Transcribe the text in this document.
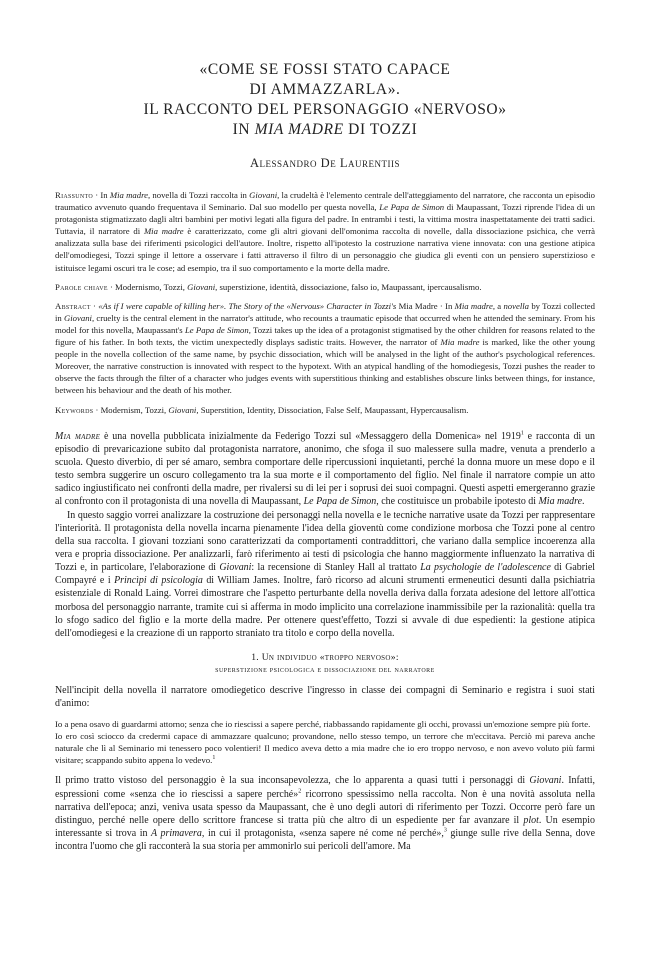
«COME SE FOSSI STATO CAPACE
DI AMMAZZARLA».
IL RACCONTO DEL PERSONAGGIO «NERVOSO»
IN MIA MADRE DI TOZZI
Alessandro De Laurentiis

Riassunto · In Mia madre, novella di Tozzi raccolta in Giovani, la crudeltà è l'elemento centrale dell'atteggiamento del narratore, che racconta un episodio traumatico avvenuto quando frequentava il Seminario. Dal suo modello per questa novella, Le Papa de Simon di Maupassant, Tozzi riprende l'idea di un protagonista stigmatizzato dagli altri bambini per motivi legati alla figura del padre. In entrambi i testi, la vittima mostra inaspettatamente dei tratti sadici. Tuttavia, il narratore di Mia madre è caratterizzato, come gli altri giovani dell'omonima raccolta di novelle, dalla dissociazione psichica, che verrà analizzata sulla base dei riferimenti psicologici dell'autore. Inoltre, rispetto all'ipotesto la costruzione narrativa viene innovata: con una gestione atipica dell'omodiegesi, Tozzi spinge il lettore a osservare i fatti attraverso il filtro di un personaggio che giudica gli eventi con un pensiero superstizioso e istituisce legami oscuri tra le cose; ad esempio, tra il suo comportamento e la morte della madre.

Parole chiave · Modernismo, Tozzi, Giovani, superstizione, identità, dissociazione, falso io, Maupassant, ipercausalismo.

Abstract · «As if I were capable of killing her». The Story of the «Nervous» Character in Tozzi's Mia Madre · In Mia madre, a novella by Tozzi collected in Giovani, cruelty is the central element in the narrator's attitude, who recounts a traumatic episode that occurred when he attended the seminary. From his model for this novella, Maupassant's Le Papa de Simon, Tozzi takes up the idea of a protagonist stigmatised by the other children for reasons related to the figure of his father. In both texts, the victim unexpectedly displays sadistic traits. However, the narrator of Mia madre is marked, like the other young people in the novella collection of the same name, by psychic dissociation, which will be analysed in the light of the author's psychological references. Moreover, the narrative construction is innovated with respect to the hypotext. With an atypical handling of the homodiegesis, Tozzi pushes the reader to observe the facts through the filter of a character who judges events with superstitious thinking and establishes obscure links between things, for instance, between his behaviour and the death of his mother.

Keywords · Modernism, Tozzi, Giovani, Superstition, Identity, Dissociation, False Self, Maupassant, Hypercausalism.

Mia madre è una novella pubblicata inizialmente da Federigo Tozzi sul «Messaggero della Domenica» nel 1919$^1$ e racconta di un episodio di prevaricazione subito dal protagonista narratore, anonimo, che sfoga il suo malessere sulla madre, venuta a prenderlo a scuola. Questo diverbio, di per sé amaro, sembra comportare delle ripercussioni inquietanti, perché la donna muore un mese dopo e il testo sembra suggerire un oscuro collegamento tra la sua morte e il comportamento del figlio. Nel finale il narratore compie un atto sadico ingiustificato nei confronti della madre, per rivalersi su di lei per i soprusi dei suoi compagni. Questi aspetti emergeranno grazie al confronto con il protagonista di una novella di Maupassant, Le Papa de Simon, che costituisce un probabile ipotesto di Mia madre.

In questo saggio vorrei analizzare la costruzione dei personaggi nella novella e le tecniche narrative usate da Tozzi per rappresentare l'interiorità. Il protagonista della novella incarna pienamente l'idea della gioventù come condizione morbosa che Tozzi pone al centro della sua raccolta. I giovani tozziani sono caratterizzati da comportamenti contraddittori, che variano dalla semplice incoerenza alla vera e propria dissociazione. Per analizzarli, farò riferimento ai testi di psicologia che hanno maggiormente influenzato la narrativa di Tozzi e, in particolare, l'elaborazione di Giovani: la recensione di Stanley Hall al trattato La psychologie de l'adolescence di Gabriel Compayré e i Princìpi di psicologia di William James. Inoltre, farò ricorso ad alcuni strumenti ermeneutici desunti dalla psichiatria esistenziale di Ronald Laing. Vorrei dimostrare che l'aspetto perturbante della novella deriva dalla forzata adesione del lettore all'ottica morbosa del personaggio narrante, tramite cui si afferma in modo implicito una correlazione inammissibile per la razionalità: quella tra lo sfogo sadico del figlio e la morte della madre. Per ottenere quest'effetto, Tozzi si avvale di due espedienti: la gestione atipica dell'omodiegesi e la creazione di un rapporto straniato tra titolo e corpo della novella.

1. Un individuo «troppo nervoso»:
superstizione psicologica e dissociazione del narratore

Nell'incipit della novella il narratore omodiegetico descrive l'ingresso in classe dei compagni di Seminario e registra i suoi stati d'animo:

Io a pena osavo di guardarmi attorno; senza che io riescissi a sapere perché, riabbassando rapidamente gli occhi, provassi un'emozione sempre più forte.

Io ero così sciocco da credermi capace di ammazzare qualcuno; provandone, nello stesso tempo, un terrore che m'eccitava. Perciò mi pareva anche naturale che lì al Seminario mi tenessero poco volentieri! Il medico aveva detto a mia madre che io ero troppo nervoso, e non avevo voluto più farmi visitare; scappando subito appena lo vedevo.$^1$

Il primo tratto vistoso del personaggio è la sua inconsapevolezza, che lo apparenta a quasi tutti i personaggi di Giovani. Infatti, espressioni come «senza che io riescissi a sapere perché»$^2$ ricorrono spessissimo nella raccolta. Non è una novità assoluta nella narrativa dell'epoca; anzi, veniva usata spesso da Maupassant, che è uno degli autori di riferimento per Tozzi. Occorre però fare un distinguo, perché nelle opere dello scrittore francese si tratta più che altro di un espediente per far avanzare il plot. Un esempio interessante si trova in A primavera, in cui il protagonista, «senza sapere né come né perché»,$^3$ giunge sulle rive della Senna, dove incontra l'uomo che gli racconterà la sua storia per ammonirlo sui pericoli dell'amore. Ma
